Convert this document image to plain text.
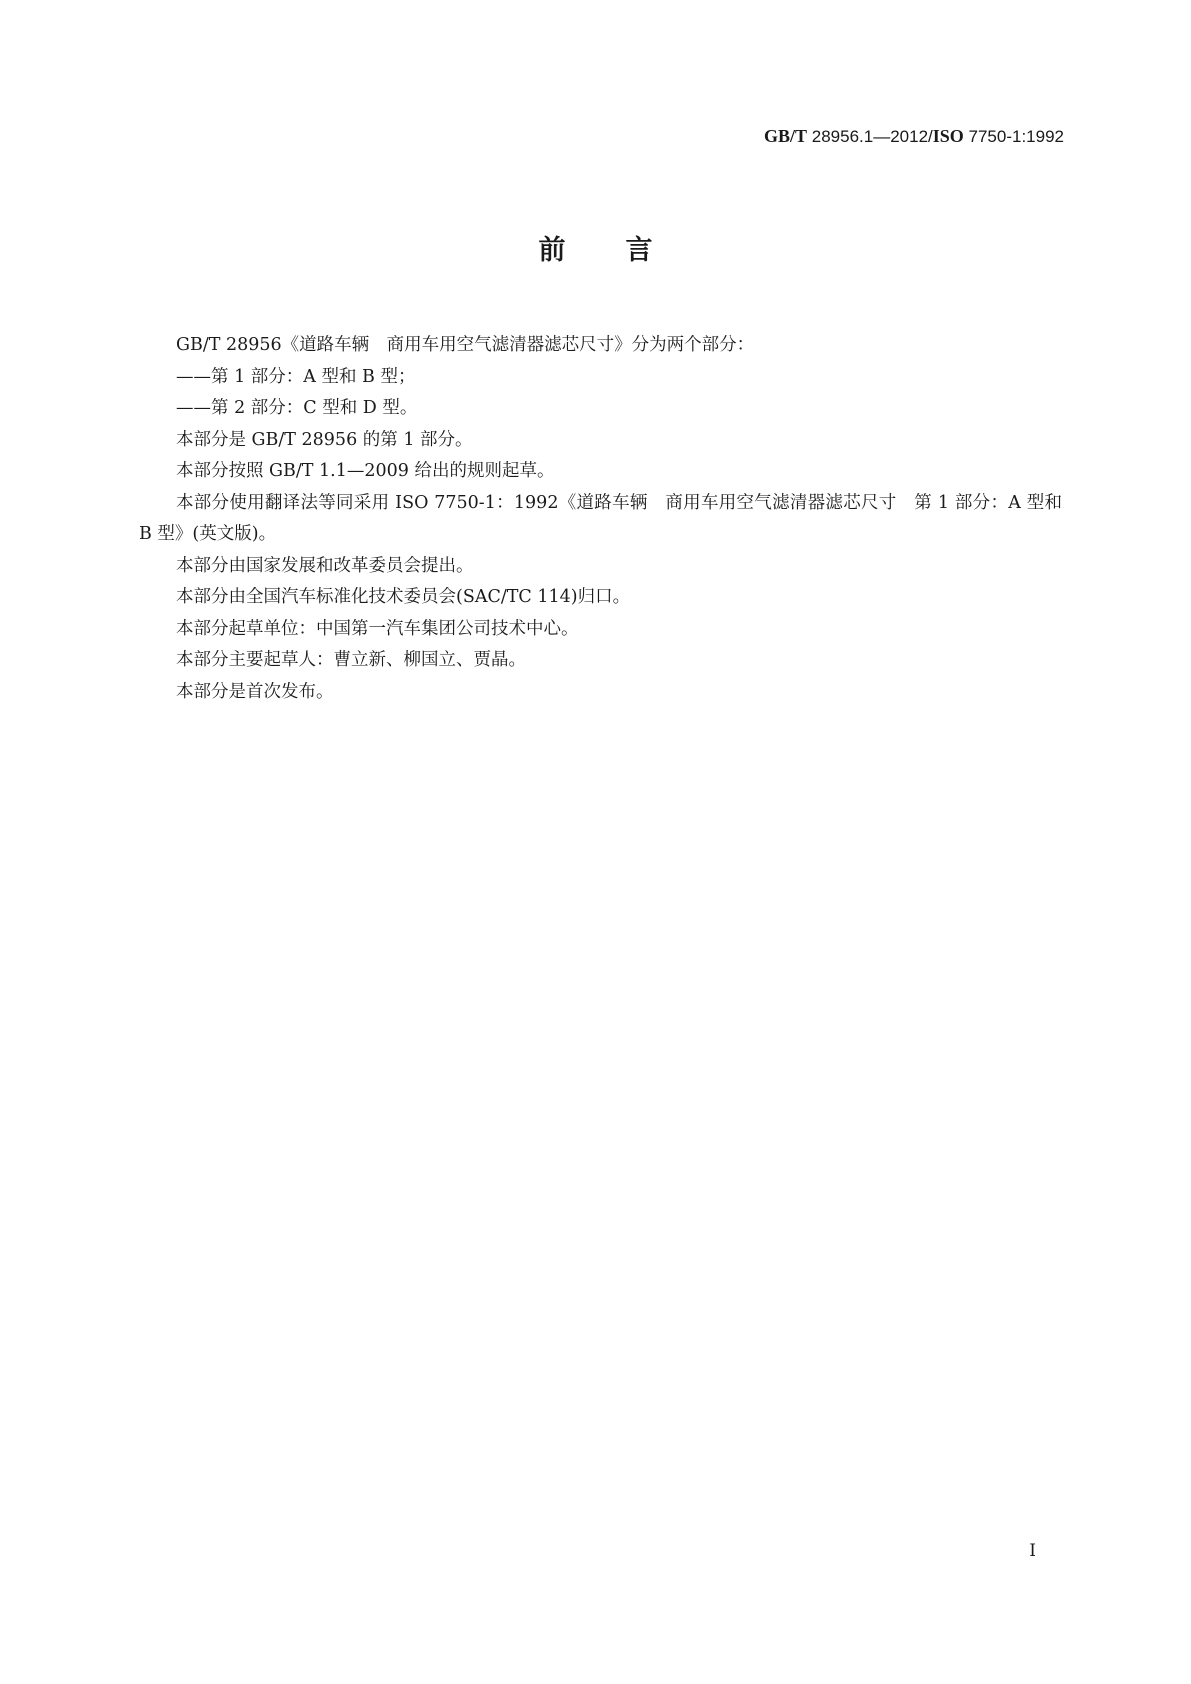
GB/T 28956.1—2012/ISO 7750-1:1992
前 言

GB/T 28956《道路车辆　商用车用空气滤清器滤芯尺寸》分为两个部分：

——第 1 部分：A 型和 B 型；

——第 2 部分：C 型和 D 型。

本部分是 GB/T 28956 的第 1 部分。

本部分按照 GB/T 1.1—2009 给出的规则起草。

本部分使用翻译法等同采用 ISO 7750-1：1992《道路车辆　商用车用空气滤清器滤芯尺寸　第 1 部分：A 型和 B 型》(英文版)。

本部分由国家发展和改革委员会提出。

本部分由全国汽车标准化技术委员会(SAC/TC 114)归口。

本部分起草单位：中国第一汽车集团公司技术中心。

本部分主要起草人：曹立新、柳国立、贾晶。

本部分是首次发布。

I
